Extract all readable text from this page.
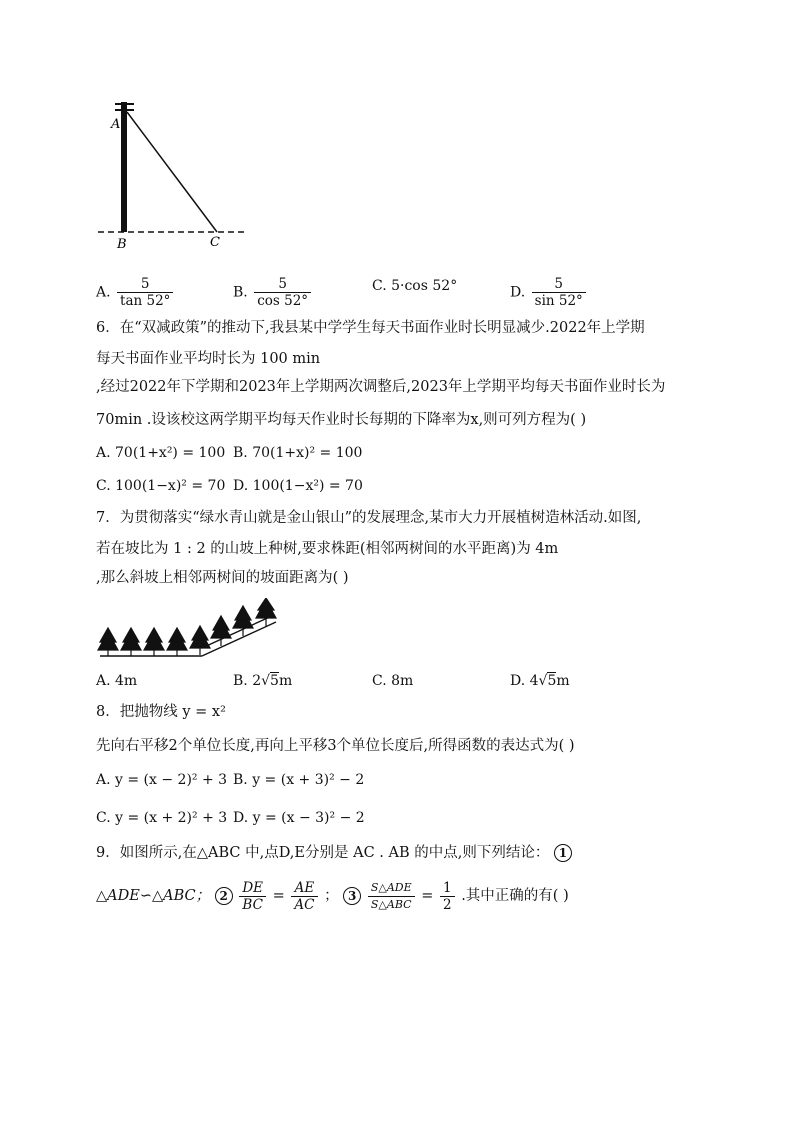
A
B	C
A. $\frac{5}{\tan 52^\circ}$	B. $\frac{5}{\cos 52^\circ}$	C. 5·cos 52°	D. $\frac{5}{\sin 52^\circ}$
6．在“双减政策”的推动下,我县某中学学生每天书面作业时长明显减少.2022年上学期
每天书面作业平均时长为 100 min
,经过2022年下学期和2023年上学期两次调整后,2023年上学期平均每天书面作业时长为
70min .设该校这两学期平均每天作业时长每期的下降率为x,则可列方程为( )
A. 70(1+x²) = 100 B. 70(1+x)² = 100
C. 100(1−x)² = 70 D. 100(1−x²) = 70
7．为贯彻落实“绿水青山就是金山银山”的发展理念,某市大力开展植树造林活动.如图,
若在坡比为 1 : 2 的山坡上种树,要求株距(相邻两树间的水平距离)为 4m
,那么斜坡上相邻两树间的坡面距离为( )
A. 4m	B. 2√5m	C. 8m	D. 4√5m
8．把抛物线 y = x²
先向右平移2个单位长度,再向上平移3个单位长度后,所得函数的表达式为( )
A. y = (x − 2)² + 3 B. y = (x + 3)² − 2
C. y = (x + 2)² + 3 D. y = (x − 3)² − 2
9．如图所示,在△ABC 中,点D,E分别是 AC . AB 的中点,则下列结论： 1
△ADE∽△ABC； $2 \frac{DE}{BC} = \frac{AE}{AC}$ ； $3 \frac{\text{S△ADE}}{\text{S△ABC}} = \frac{1}{2}$ .其中正确的有( )
